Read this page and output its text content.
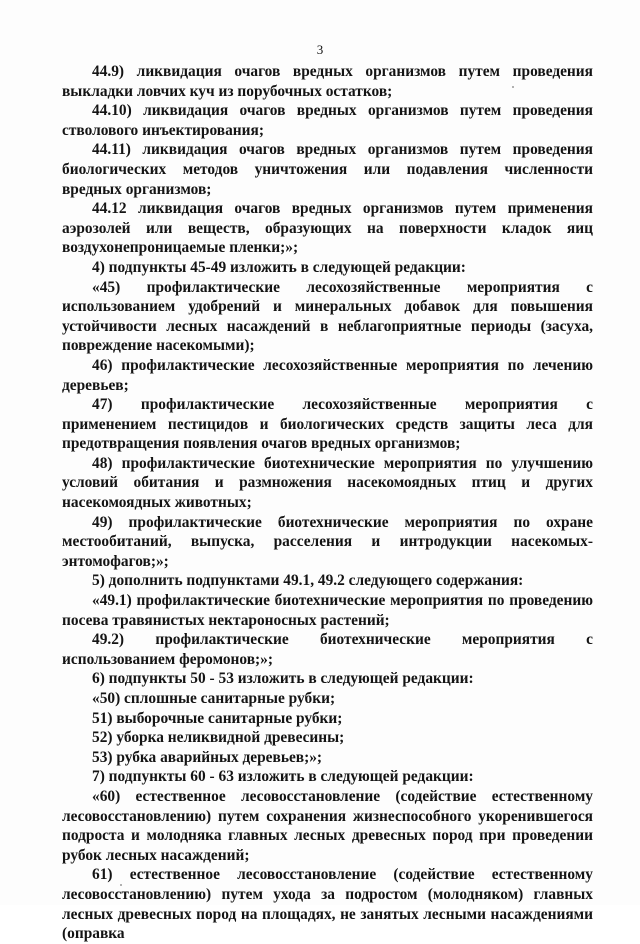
3

44.9) ликвидация очагов вредных организмов путем проведения выкладки ловчих куч из порубочных остатков;

44.10) ликвидация очагов вредных организмов путем проведения стволового инъектирования;

44.11) ликвидация очагов вредных организмов путем проведения биологических методов уничтожения или подавления численности вредных организмов;

44.12 ликвидация очагов вредных организмов путем применения аэрозолей или веществ, образующих на поверхности кладок яиц воздухонепроницаемые пленки;»;

4) подпункты 45-49 изложить в следующей редакции:

«45) профилактические лесохозяйственные мероприятия с использованием удобрений и минеральных добавок для повышения устойчивости лесных насаждений в неблагоприятные периоды (засуха, повреждение насекомыми);

46) профилактические лесохозяйственные мероприятия по лечению деревьев;

47) профилактические лесохозяйственные мероприятия с применением пестицидов и биологических средств защиты леса для предотвращения появления очагов вредных организмов;

48) профилактические биотехнические мероприятия по улучшению условий обитания и размножения насекомоядных птиц и других насекомоядных животных;

49) профилактические биотехнические мероприятия по охране местообитаний, выпуска, расселения и интродукции насекомых-энтомофагов;»;

5) дополнить подпунктами 49.1, 49.2 следующего содержания:

«49.1) профилактические биотехнические мероприятия по проведению посева травянистых нектароносных растений;

49.2) профилактические биотехнические мероприятия с использованием феромонов;»;

6) подпункты 50 - 53 изложить в следующей редакции:

«50) сплошные санитарные рубки;

51) выборочные санитарные рубки;

52) уборка неликвидной древесины;

53) рубка аварийных деревьев;»;

7) подпункты 60 - 63 изложить в следующей редакции:

«60) естественное лесовосстановление (содействие естественному лесовосстановлению) путем сохранения жизнеспособного укоренившегося подроста и молодняка главных лесных древесных пород при проведении рубок лесных насаждений;

61) естественное лесовосстановление (содействие естественному лесовосстановлению) путем ухода за подростом (молодняком) главных лесных древесных пород на площадях, не занятых лесными насаждениями (оправка
